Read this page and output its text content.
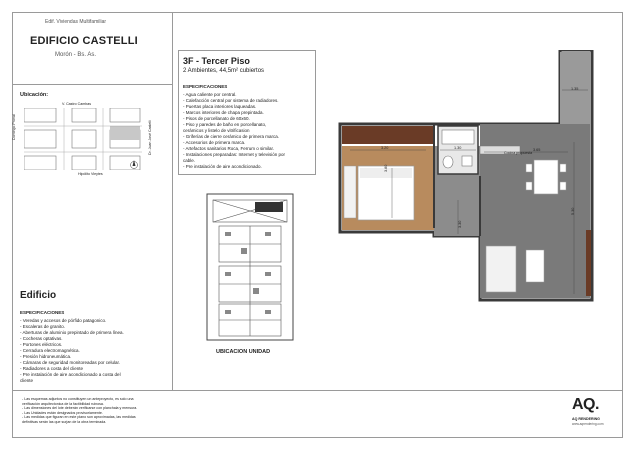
Edif. Viviendas Multifamiliar
EDIFICIO CASTELLI
Morón - Bs. As.
Ubicación:
V. Castro Cambas
Hipólito Vieytes
Domingo Pronal	Dr. Juan José Castelli
Edificio
ESPECIFICACIONES
- Veredas y accesos de pórfido patagonico.
- Escaleras de granito.
- Aberturas de aluminio prepintado de primera línea.
- Cocheras optativas.
- Portones eléctricos.
- Cerradura electromagnética.
- Presión hidroneumática.
- Cámaras de seguridad monitoreadas por celular.
- Radiadores a costa del cliente
- Pre instalación de aire acondicionado a costa del
cliente
3F - Tercer Piso
2 Ambientes, 44,5m² cubiertos
ESPECIFICACIONES
- Agua caliente por central.
- Calefacción central por sistema de radiadores.
- Puertas placa interiores laqueadas.
- Marcos interiores de chapa prepintada.
- Pisos de porcellanato de 60x60.
- Piso y paredes de baño en porcellanato,
cerámicos y listelo de vitrificasion
- Griferías de cierre cerámico de primera marca.
- Accesorios de primera marca.
- Artefactos sanitarios Roca, Ferrum o similar.
- Instalaciones preparadas: Internet y televisión por
cable.
- Pre instalación de aire acondicionado.
UBICACION UNIDAD
1.35
3.20	1.30	3.65
3.80
5.30
3.30
Cocina propuesta
- Las esquemas adjuntos no constituyen un anteproyecto, es solo una
verificación arquitectonica de la factibilidad ruinosa.
- Las dimensiones del lote deberán verificarse con planchala y mensura.
- Las Unidades están designados provisoriamente.
- Las medidas que figuran en este plano son aproximadas, las medidas
definitivas serán las que surjan de la obra terminada.
AQ.
AQ RENDERING
www.aqrendering.com
